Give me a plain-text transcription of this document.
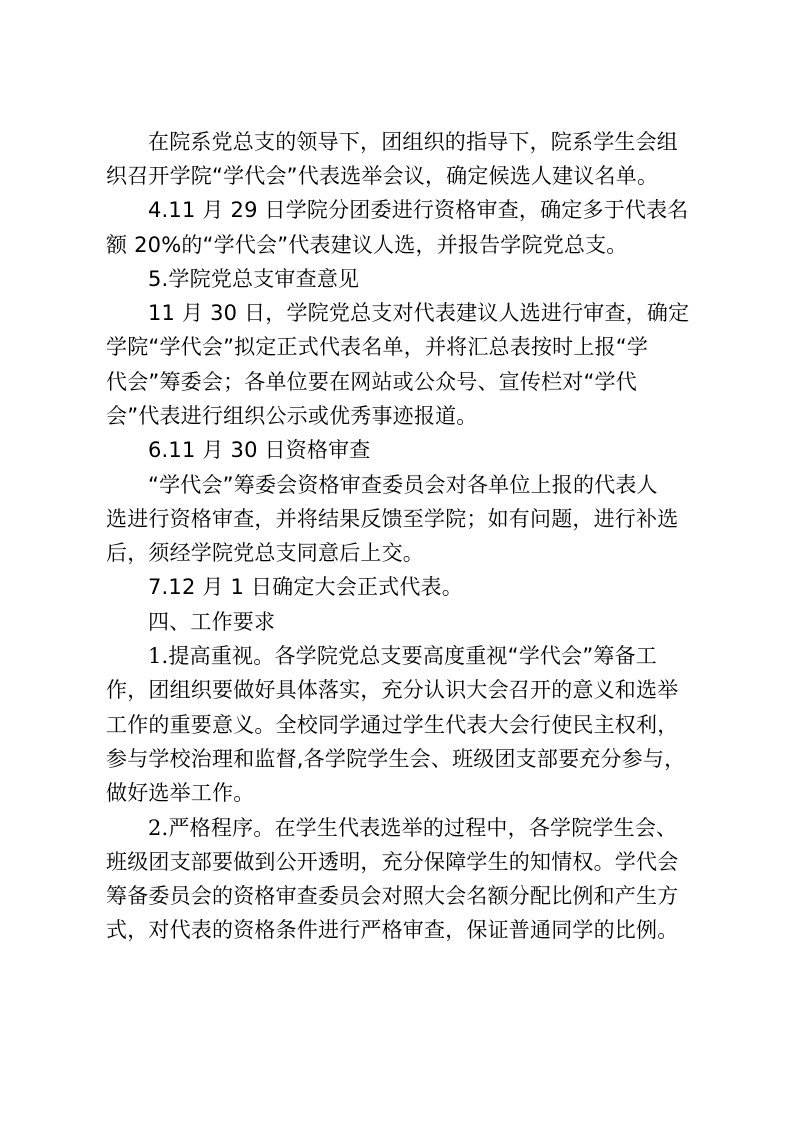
在院系党总支的领导下，团组织的指导下，院系学生会组
织召开学院“学代会”代表选举会议，确定候选人建议名单。
4.11 月 29 日学院分团委进行资格审查，确定多于代表名
额 20%的“学代会”代表建议人选，并报告学院党总支。
5.学院党总支审查意见
11 月 30 日，学院党总支对代表建议人选进行审查，确定
学院“学代会”拟定正式代表名单，并将汇总表按时上报“学
代会”筹委会；各单位要在网站或公众号、宣传栏对“学代
会”代表进行组织公示或优秀事迹报道。
6.11 月 30 日资格审查
“学代会”筹委会资格审查委员会对各单位上报的代表人
选进行资格审查，并将结果反馈至学院；如有问题，进行补选
后，须经学院党总支同意后上交。
7.12 月 1 日确定大会正式代表。
四、工作要求
1.提高重视。各学院党总支要高度重视“学代会”筹备工
作，团组织要做好具体落实，充分认识大会召开的意义和选举
工作的重要意义。全校同学通过学生代表大会行使民主权利，
参与学校治理和监督,各学院学生会、班级团支部要充分参与，
做好选举工作。
2.严格程序。在学生代表选举的过程中，各学院学生会、
班级团支部要做到公开透明，充分保障学生的知情权。学代会
筹备委员会的资格审查委员会对照大会名额分配比例和产生方
式，对代表的资格条件进行严格审查，保证普通同学的比例。
